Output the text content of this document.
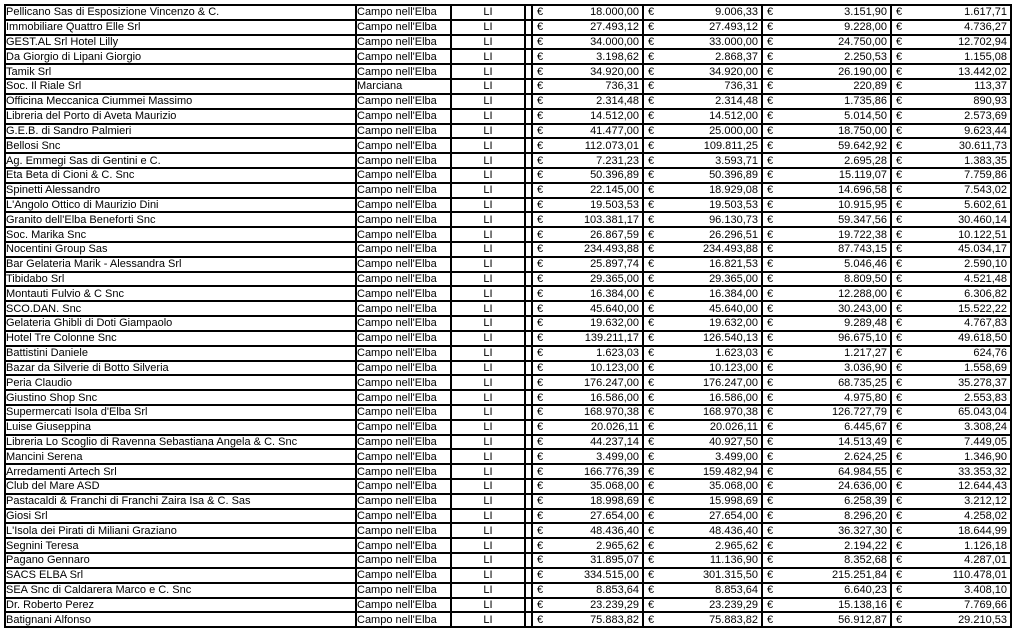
Pellicano Sas di Esposizione Vincenzo & C.	Campo nell'Elba	LI		€ 18.000,00	€ 9.006,33	€ 3.151,90	€ 1.617,71

Immobiliare Quattro Elle Srl	Campo nell'Elba	LI		€ 27.493,12	€ 27.493,12	€ 9.228,00	€ 4.736,27

GEST.AL Srl Hotel Lilly	Campo nell'Elba	LI		€ 34.000,00	€ 33.000,00	€ 24.750,00	€ 12.702,94

Da Giorgio di Lipani Giorgio	Campo nell'Elba	LI		€ 3.198,62	€ 2.868,37	€ 2.250,53	€ 1.155,08

Tamik Srl	Campo nell'Elba	LI		€ 34.920,00	€ 34.920,00	€ 26.190,00	€ 13.442,02

Soc. Il Riale Srl	Marciana	LI		€ 736,31	€ 736,31	€ 220,89	€ 113,37

Officina Meccanica Ciummei Massimo	Campo nell'Elba	LI		€ 2.314,48	€ 2.314,48	€ 1.735,86	€ 890,93

Libreria del Porto di Aveta Maurizio	Campo nell'Elba	LI		€ 14.512,00	€ 14.512,00	€ 5.014,50	€ 2.573,69

G.E.B. di Sandro Palmieri	Campo nell'Elba	LI		€ 41.477,00	€ 25.000,00	€ 18.750,00	€ 9.623,44

Bellosi Snc	Campo nell'Elba	LI		€ 112.073,01	€ 109.811,25	€ 59.642,92	€ 30.611,73

Ag. Emmegi Sas di Gentini e C.	Campo nell'Elba	LI		€ 7.231,23	€ 3.593,71	€ 2.695,28	€ 1.383,35

Eta Beta di Cioni & C. Snc	Campo nell'Elba	LI		€ 50.396,89	€ 50.396,89	€ 15.119,07	€ 7.759,86

Spinetti Alessandro	Campo nell'Elba	LI		€ 22.145,00	€ 18.929,08	€ 14.696,58	€ 7.543,02

L'Angolo Ottico di Maurizio Dini	Campo nell'Elba	LI		€ 19.503,53	€ 19.503,53	€ 10.915,95	€ 5.602,61

Granito dell'Elba Beneforti Snc	Campo nell'Elba	LI		€ 103.381,17	€ 96.130,73	€ 59.347,56	€ 30.460,14

Soc. Marika Snc	Campo nell'Elba	LI		€ 26.867,59	€ 26.296,51	€ 19.722,38	€ 10.122,51

Nocentini Group Sas	Campo nell'Elba	LI		€ 234.493,88	€ 234.493,88	€ 87.743,15	€ 45.034,17

Bar Gelateria Marik - Alessandra Srl	Campo nell'Elba	LI		€ 25.897,74	€ 16.821,53	€ 5.046,46	€ 2.590,10

Tibidabo Srl	Campo nell'Elba	LI		€ 29.365,00	€ 29.365,00	€ 8.809,50	€ 4.521,48

Montauti Fulvio & C Snc	Campo nell'Elba	LI		€ 16.384,00	€ 16.384,00	€ 12.288,00	€ 6.306,82

SCO.DAN. Snc	Campo nell'Elba	LI		€ 45.640,00	€ 45.640,00	€ 30.243,00	€ 15.522,22

Gelateria Ghibli di Doti Giampaolo	Campo nell'Elba	LI		€ 19.632,00	€ 19.632,00	€ 9.289,48	€ 4.767,83

Hotel Tre Colonne Snc	Campo nell'Elba	LI		€ 139.211,17	€ 126.540,13	€ 96.675,10	€ 49.618,50

Battistini Daniele	Campo nell'Elba	LI		€ 1.623,03	€ 1.623,03	€ 1.217,27	€ 624,76

Bazar da Silverie di Botto Silveria	Campo nell'Elba	LI		€ 10.123,00	€ 10.123,00	€ 3.036,90	€ 1.558,69

Peria Claudio	Campo nell'Elba	LI		€ 176.247,00	€ 176.247,00	€ 68.735,25	€ 35.278,37

Giustino Shop Snc	Campo nell'Elba	LI		€ 16.586,00	€ 16.586,00	€ 4.975,80	€ 2.553,83

Supermercati Isola d'Elba Srl	Campo nell'Elba	LI		€ 168.970,38	€ 168.970,38	€ 126.727,79	€ 65.043,04

Luise Giuseppina	Campo nell'Elba	LI		€ 20.026,11	€ 20.026,11	€ 6.445,67	€ 3.308,24

Libreria Lo Scoglio di Ravenna Sebastiana Angela & C. Snc	Campo nell'Elba	LI		€ 44.237,14	€ 40.927,50	€ 14.513,49	€ 7.449,05

Mancini Serena	Campo nell'Elba	LI		€ 3.499,00	€ 3.499,00	€ 2.624,25	€ 1.346,90

Arredamenti Artech Srl	Campo nell'Elba	LI		€ 166.776,39	€ 159.482,94	€ 64.984,55	€ 33.353,32

Club del Mare ASD	Campo nell'Elba	LI		€ 35.068,00	€ 35.068,00	€ 24.636,00	€ 12.644,43

Pastacaldi & Franchi di Franchi Zaira Isa & C. Sas	Campo nell'Elba	LI		€ 18.998,69	€ 15.998,69	€ 6.258,39	€ 3.212,12

Giosi Srl	Campo nell'Elba	LI		€ 27.654,00	€ 27.654,00	€ 8.296,20	€ 4.258,02

L'Isola dei Pirati di Miliani Graziano	Campo nell'Elba	LI		€ 48.436,40	€ 48.436,40	€ 36.327,30	€ 18.644,99

Segnini Teresa	Campo nell'Elba	LI		€ 2.965,62	€ 2.965,62	€ 2.194,22	€ 1.126,18

Pagano Gennaro	Campo nell'Elba	LI		€ 31.895,07	€ 11.136,90	€ 8.352,68	€ 4.287,01

SACS ELBA Srl	Campo nell'Elba	LI		€ 334.515,00	€ 301.315,50	€ 215.251,84	€ 110.478,01

SEA Snc di Caldarera Marco e C. Snc	Campo nell'Elba	LI		€ 8.853,64	€ 8.853,64	€ 6.640,23	€ 3.408,10

Dr. Roberto Perez	Campo nell'Elba	LI		€ 23.239,29	€ 23.239,29	€ 15.138,16	€ 7.769,66

Batignani Alfonso	Campo nell'Elba	LI		€ 75.883,82	€ 75.883,82	€ 56.912,87	€ 29.210,53
